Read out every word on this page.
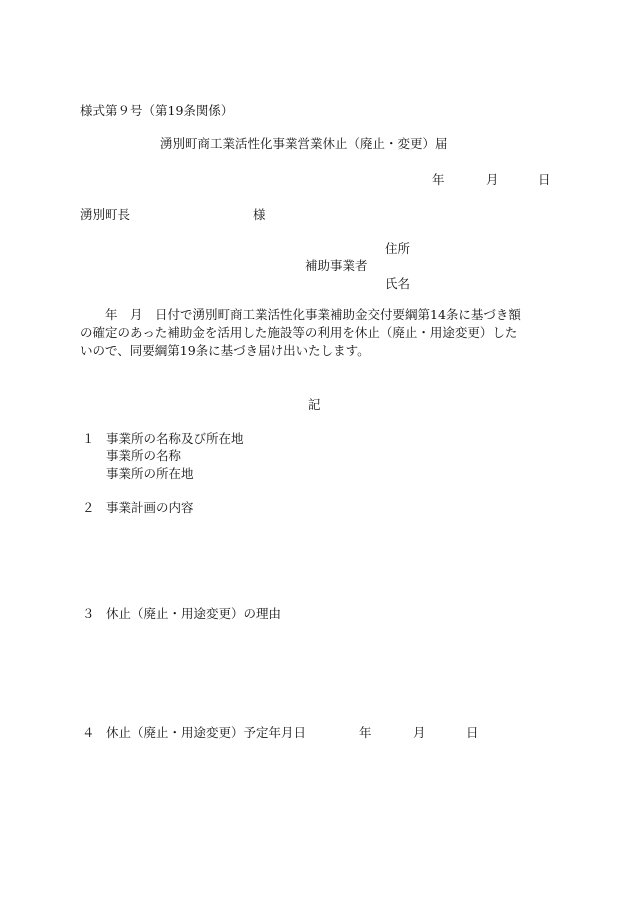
様式第９号（第19条関係）
湧別町商工業活性化事業営業休止（廃止・変更）届
年	月	日
湧別町長	様
住所
補助事業者
氏名
　　年　月　日付で湧別町商工業活性化事業補助金交付要綱第14条に基づき額
の確定のあった補助金を活用した施設等の利用を休止（廃止・用途変更）した
いので、同要綱第19条に基づき届け出いたします。
記
１ 事業所の名称及び所在地
事業所の名称
事業所の所在地
２ 事業計画の内容
３ 休止（廃止・用途変更）の理由
４ 休止（廃止・用途変更）予定年月日	年	月	日
